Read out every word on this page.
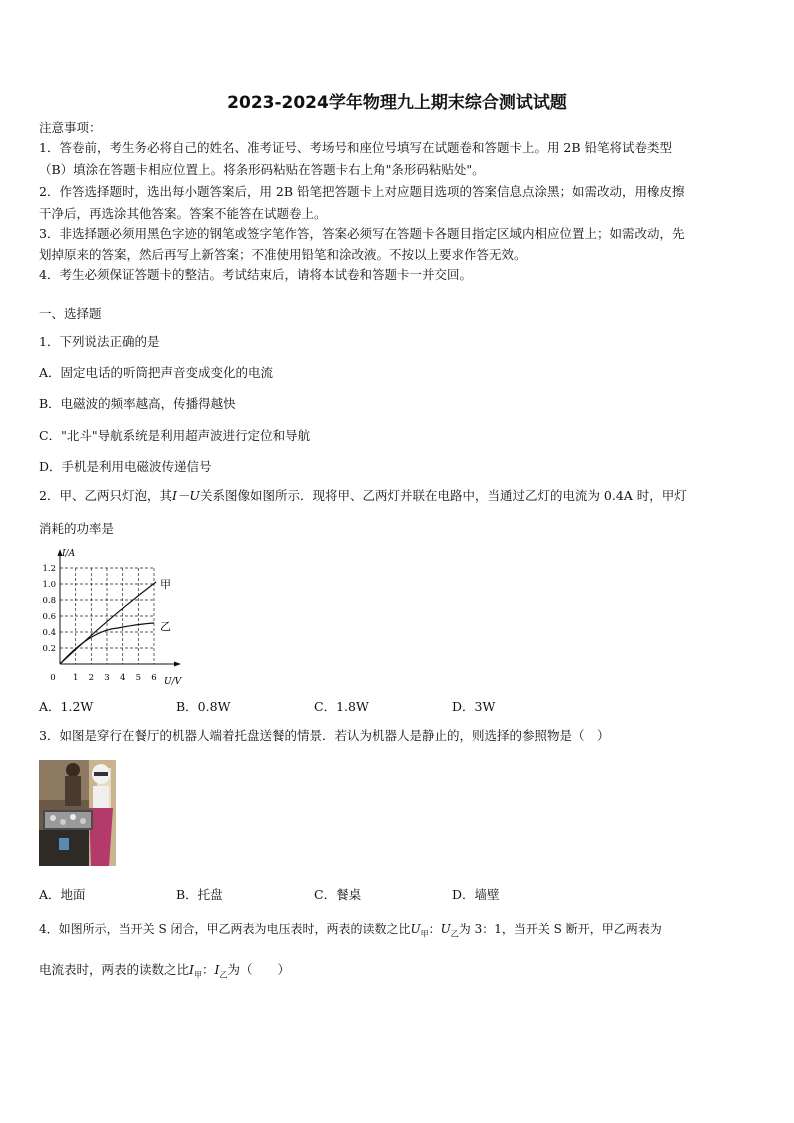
2023-2024学年物理九上期末综合测试试题
注意事项：
1．答卷前，考生务必将自己的姓名、准考证号、考场号和座位号填写在试题卷和答题卡上。用 2B 铅笔将试卷类型
（B）填涂在答题卡相应位置上。将条形码粘贴在答题卡右上角"条形码粘贴处"。
2．作答选择题时，选出每小题答案后，用 2B 铅笔把答题卡上对应题目选项的答案信息点涂黑；如需改动，用橡皮擦
干净后，再选涂其他答案。答案不能答在试题卷上。
3．非选择题必须用黑色字迹的钢笔或签字笔作答，答案必须写在答题卡各题目指定区域内相应位置上；如需改动，先
划掉原来的答案，然后再写上新答案；不准使用铅笔和涂改液。不按以上要求作答无效。
4．考生必须保证答题卡的整洁。考试结束后，请将本试卷和答题卡一并交回。
一、选择题
1．下列说法正确的是
A．固定电话的听筒把声音变成变化的电流
B．电磁波的频率越高，传播得越快
C．"北斗"导航系统是利用超声波进行定位和导航
D．手机是利用电磁波传递信号
2．甲、乙两只灯泡，其I－U关系图像如图所示．现将甲、乙两灯并联在电路中，当通过乙灯的电流为 0.4A 时，甲灯
消耗的功率是
I/A
U/V
1.2
1.0
0.8
0.6
0.4
0.2
0 1 2 3 4 5 6
甲
乙
A．1.2W	B．0.8W	C．1.8W	D．3W
3．如图是穿行在餐厅的机器人端着托盘送餐的情景．若认为机器人是静止的，则选择的参照物是（　）
A．地面	B．托盘	C．餐桌	D．墙壁
4．如图所示，当开关 S 闭合，甲乙两表为电压表时，两表的读数之比$U_甲$：$U_乙$为 3：1，当开关 S 断开，甲乙两表为
电流表时，两表的读数之比$I_甲$：$I_乙$为（　　）
